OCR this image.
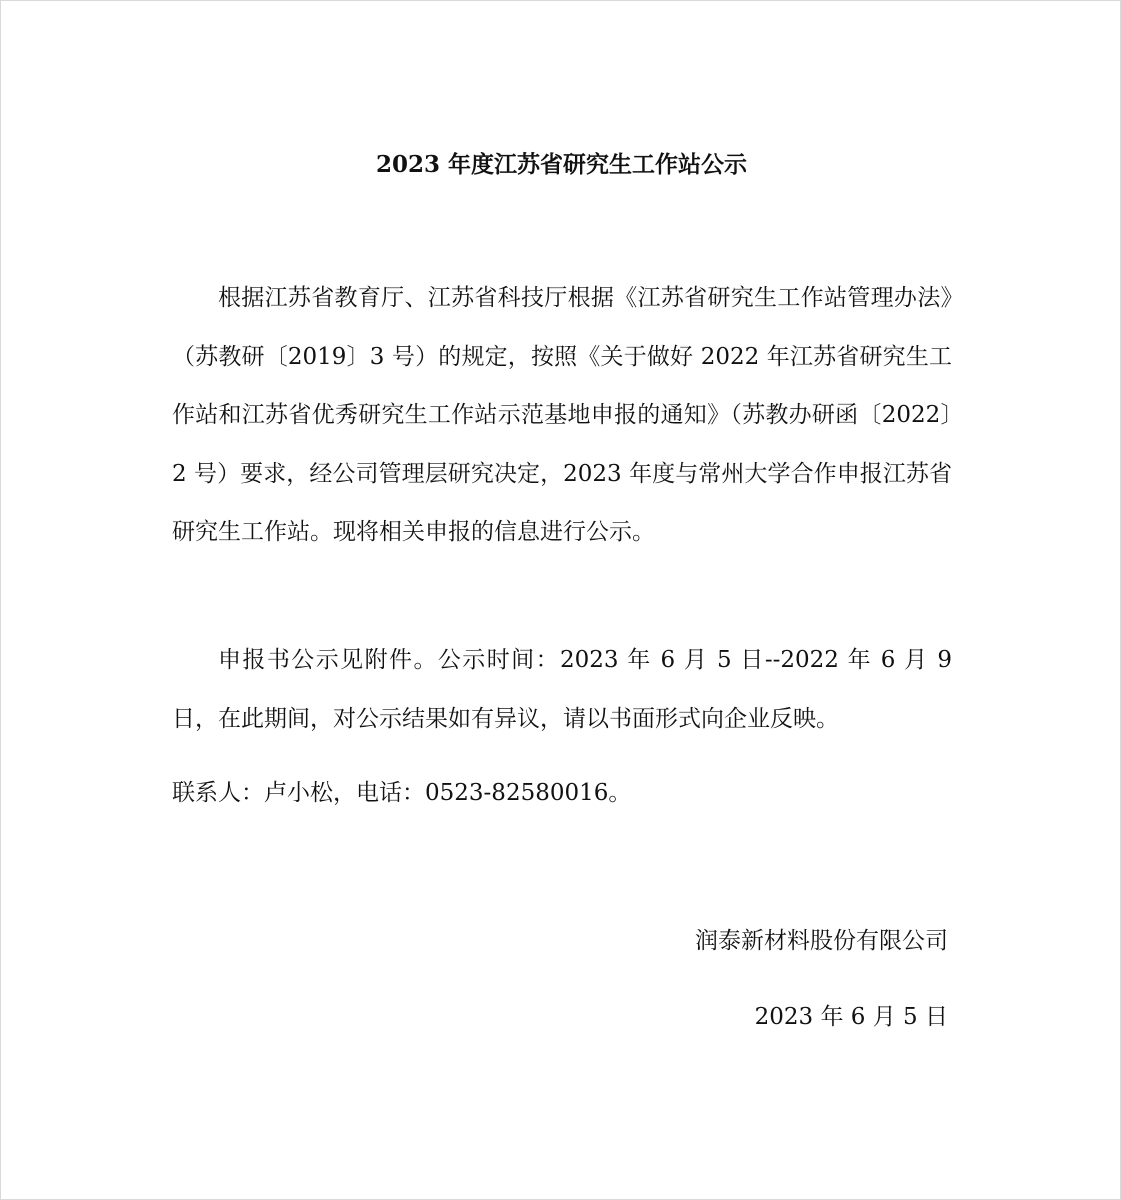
2023 年度江苏省研究生工作站公示

根据江苏省教育厅、江苏省科技厅根据《江苏省研究生工作站管理办法》（苏教研〔2019〕3 号）的规定，按照《关于做好 2022 年江苏省研究生工作站和江苏省优秀研究生工作站示范基地申报的通知》（苏教办研函〔2022〕2 号）要求，经公司管理层研究决定，2023 年度与常州大学合作申报江苏省研究生工作站。现将相关申报的信息进行公示。

申报书公示见附件。公示时间：2023 年 6 月 5 日--2022 年 6 月 9 日，在此期间，对公示结果如有异议，请以书面形式向企业反映。

联系人：卢小松，电话：0523-82580016。

润泰新材料股份有限公司

2023 年 6 月 5 日
